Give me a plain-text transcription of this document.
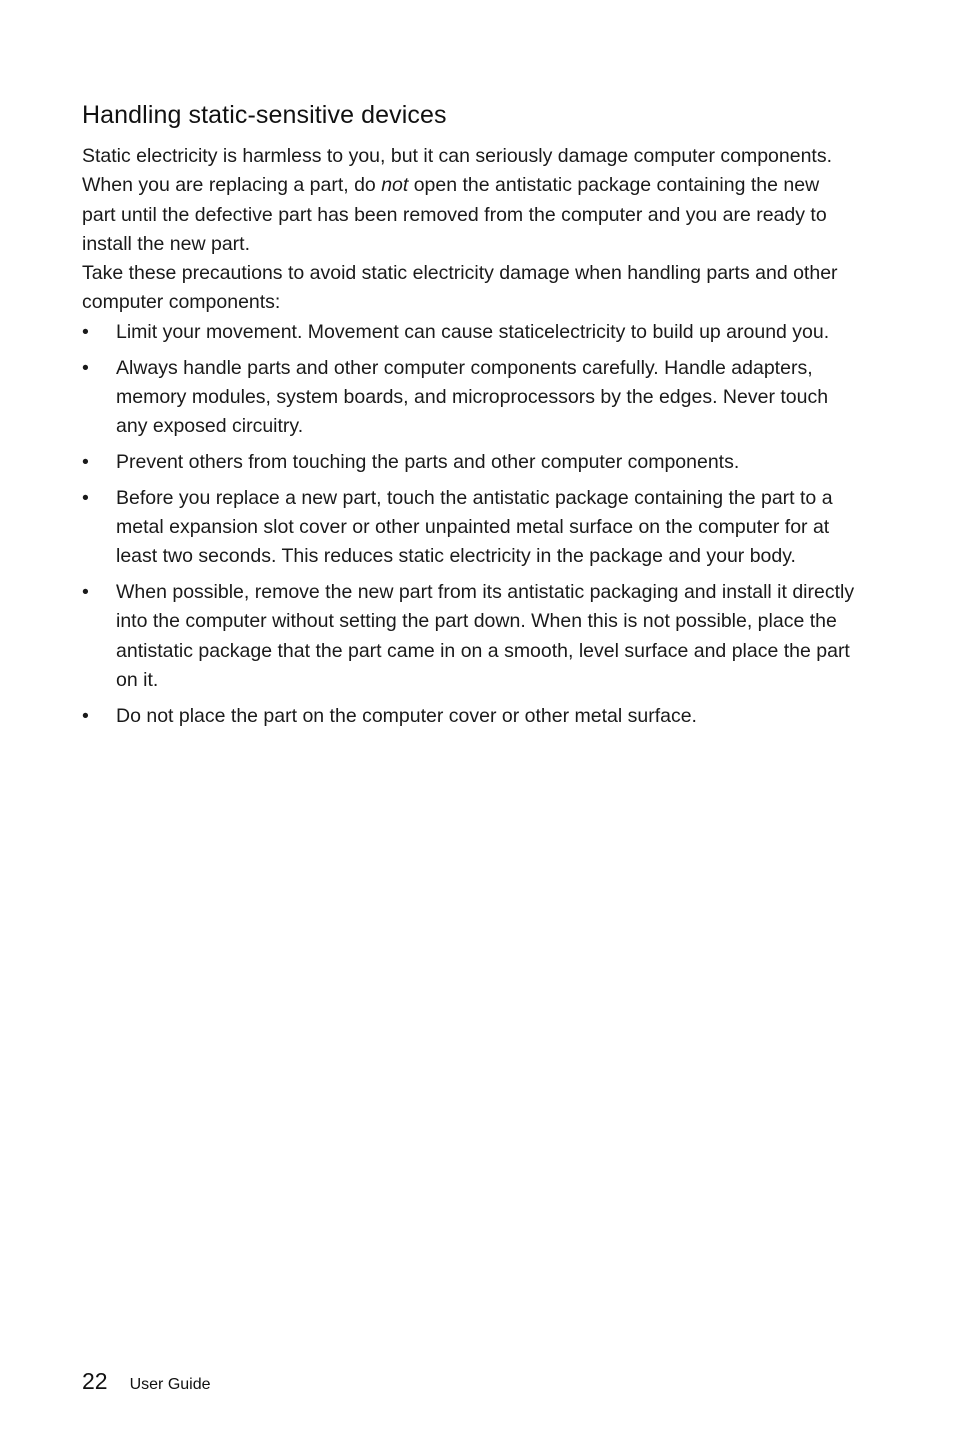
Handling static-sensitive devices

Static electricity is harmless to you, but it can seriously damage computer components.

When you are replacing a part, do not open the antistatic package containing the new part until the defective part has been removed from the computer and you are ready to install the new part.

Take these precautions to avoid static electricity damage when handling parts and other computer components:

•	Limit your movement. Movement can cause staticelectricity to build up around you.
•	Always handle parts and other computer components carefully. Handle adapters, memory modules, system boards, and microprocessors by the edges. Never touch any exposed circuitry.
•	Prevent others from touching the parts and other computer components.
•	Before you replace a new part, touch the antistatic package containing the part to a metal expansion slot cover or other unpainted metal surface on the computer for at least two seconds. This reduces static electricity in the package and your body.
•	When possible, remove the new part from its antistatic packaging and install it directly into the computer without setting the part down. When this is not possible, place the antistatic package that the part came in on a smooth, level surface and place the part on it.
•	Do not place the part on the computer cover or other metal surface.
22 User Guide
